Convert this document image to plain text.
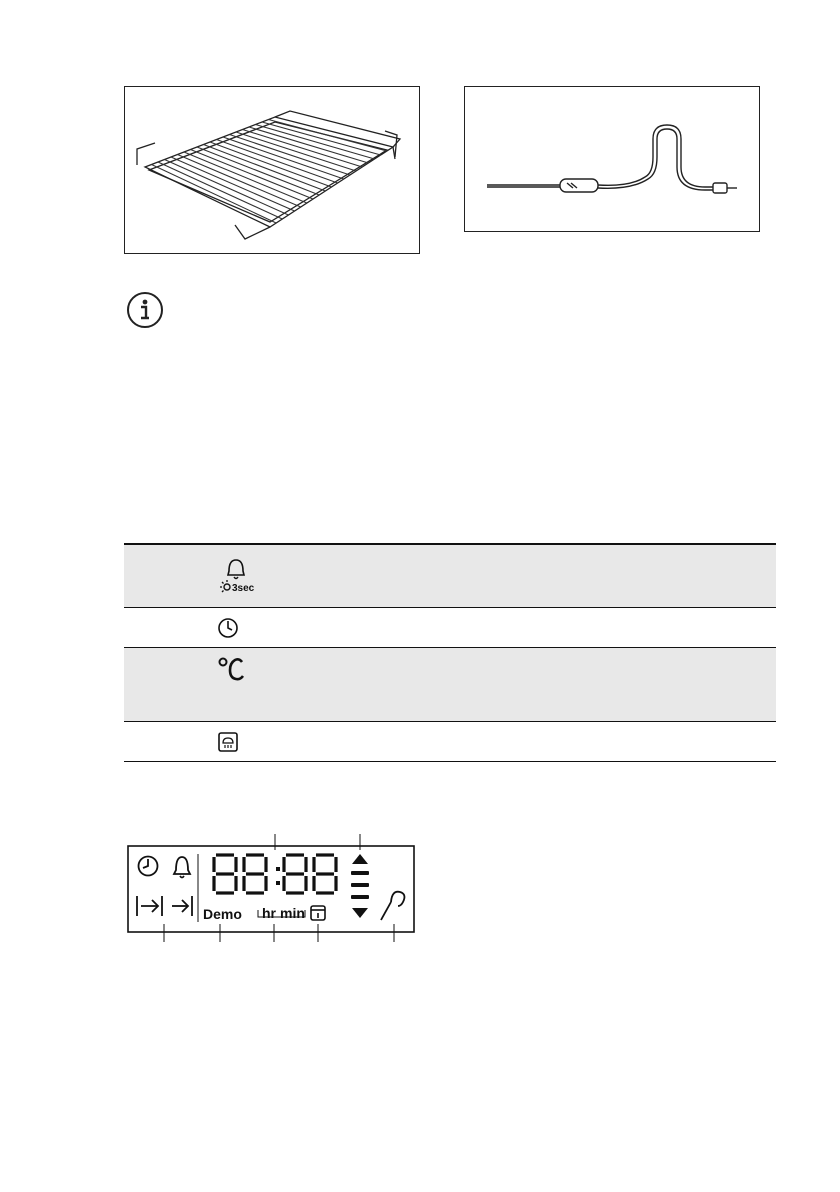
3sec
Demo hr min
